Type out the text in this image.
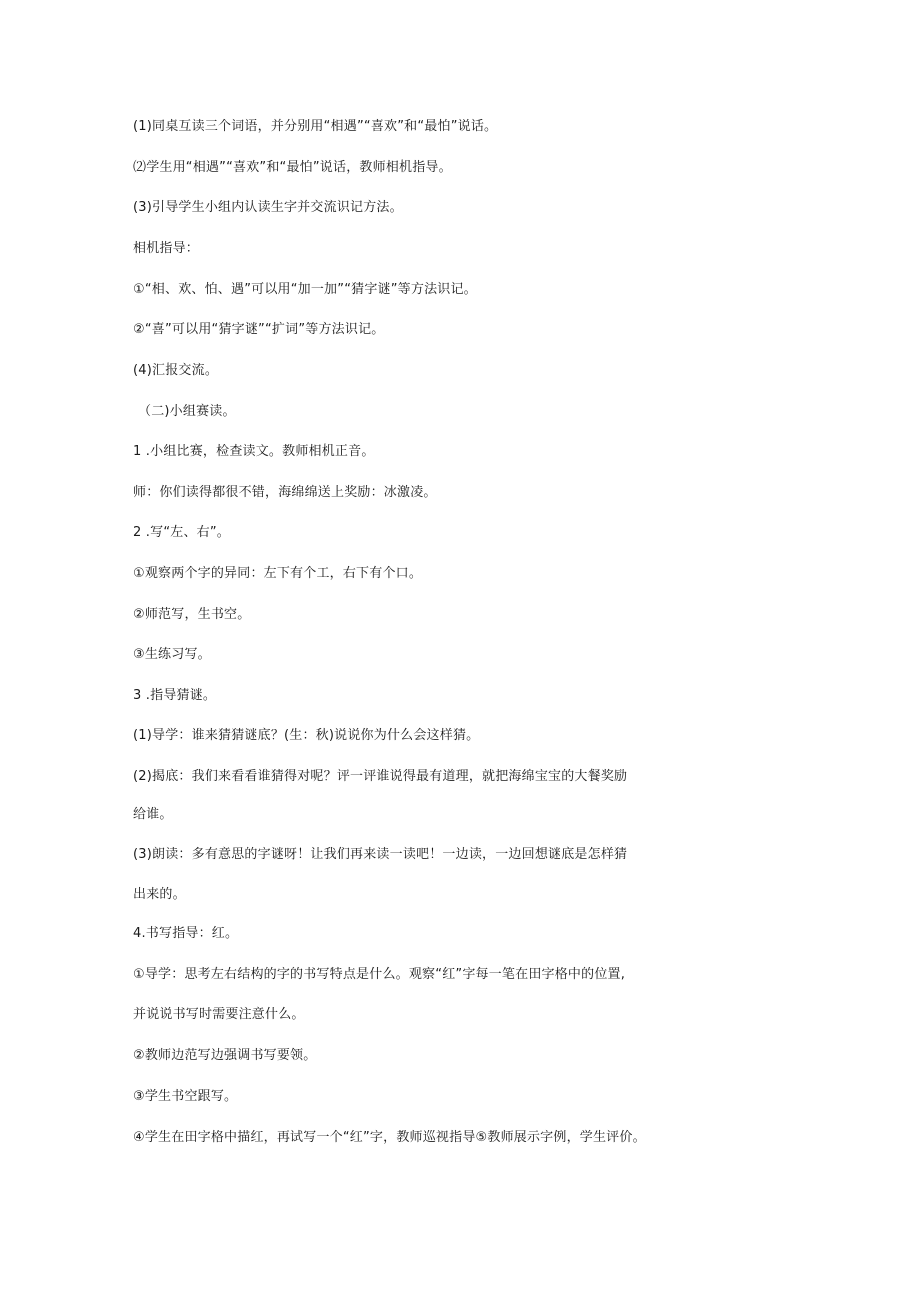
(1)同桌互读三个词语，并分别用“相遇”“喜欢”和“最怕”说话。
⑵学生用“相遇”“喜欢”和“最怕”说话，教师相机指导。
(3)引导学生小组内认读生字并交流识记方法。
相机指导：
①“相、欢、怕、遇”可以用“加一加”“猜字谜”等方法识记。
②“喜”可以用“猜字谜”“扩词”等方法识记。
(4)汇报交流。
（二)小组赛读。
1 .小组比赛，检查读文。教师相机正音。
师：你们读得都很不错，海绵绵送上奖励：冰激凌。
2 .写“左、右”。
①观察两个字的异同：左下有个工，右下有个口。
②师范写，生书空。
③生练习写。
3 .指导猜谜。
(1)导学：谁来猜猜谜底？(生：秋)说说你为什么会这样猜。
(2)揭底：我们来看看谁猜得对呢？评一评谁说得最有道理，就把海绵宝宝的大餐奖励
给谁。
(3)朗读：多有意思的字谜呀！让我们再来读一读吧！一边读，一边回想谜底是怎样猜
出来的。
4.书写指导：红。
①导学：思考左右结构的字的书写特点是什么。观察“红”字每一笔在田字格中的位置,
并说说书写时需要注意什么。
②教师边范写边强调书写要领。
③学生书空跟写。
④学生在田字格中描红，再试写一个“红”字，教师巡视指导⑤教师展示字例，学生评价。
